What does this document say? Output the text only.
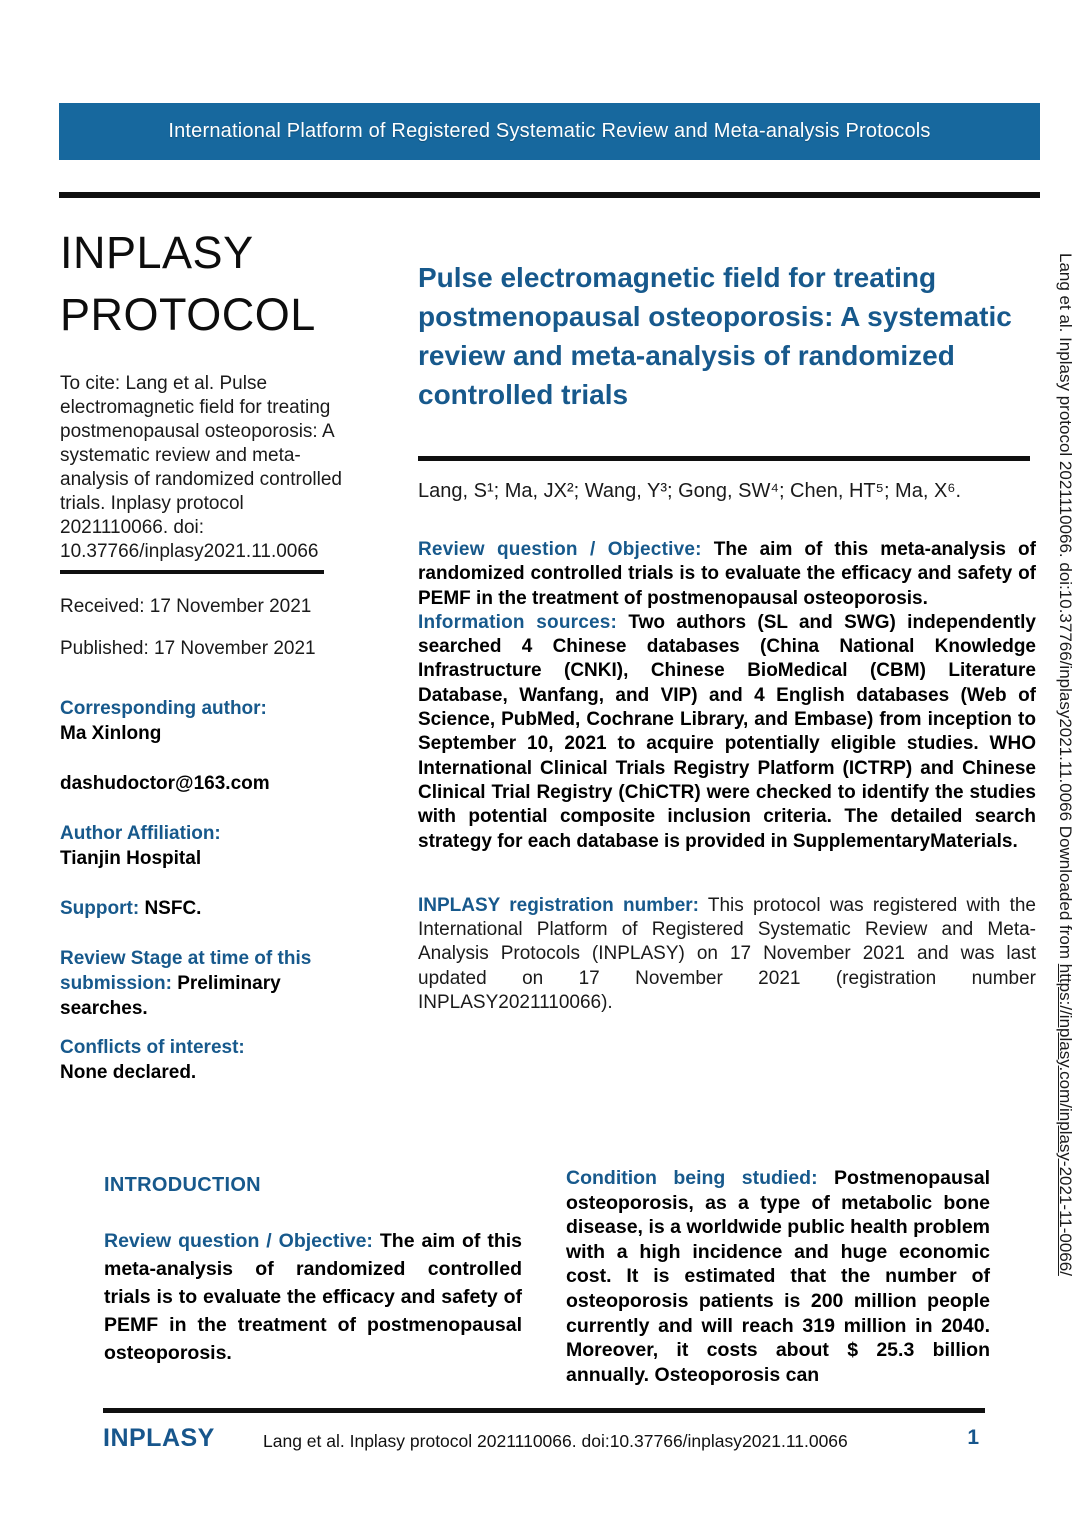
International Platform of Registered Systematic Review and Meta-analysis Protocols
INPLASY
PROTOCOL

To cite: Lang et al. Pulse electromagnetic field for treating postmenopausal osteoporosis: A systematic review and meta-analysis of randomized controlled trials. Inplasy protocol 2021110066. doi: 10.37766/inplasy2021.11.0066

Received: 17 November 2021

Published: 17 November 2021

Corresponding author:
Ma Xinlong
dashudoctor@163.com
Author Affiliation:
Tianjin Hospital
Support: NSFC.
Review Stage at time of this submission: Preliminary searches.
Conflicts of interest:
None declared.
Pulse electromagnetic field for treating postmenopausal osteoporosis: A systematic review and meta-analysis of randomized controlled trials

Lang, S¹; Ma, JX²; Wang, Y³; Gong, SW⁴; Chen, HT⁵; Ma, X⁶.

Review question / Objective: The aim of this meta-analysis of randomized controlled trials is to evaluate the efficacy and safety of PEMF in the treatment of postmenopausal osteoporosis.
Information sources: Two authors (SL and SWG) independently searched 4 Chinese databases (China National Knowledge Infrastructure (CNKI), Chinese BioMedical (CBM) Literature Database, Wanfang, and VIP) and 4 English databases (Web of Science, PubMed, Cochrane Library, and Embase) from inception to September 10, 2021 to acquire potentially eligible studies. WHO International Clinical Trials Registry Platform (ICTRP) and Chinese Clinical Trial Registry (ChiCTR) were checked to identify the studies with potential composite inclusion criteria. The detailed search strategy for each database is provided in SupplementaryMaterials.

INPLASY registration number: This protocol was registered with the International Platform of Registered Systematic Review and Meta-Analysis Protocols (INPLASY) on 17 November 2021 and was last updated on 17 November 2021 (registration number INPLASY2021110066).

INTRODUCTION

Review question / Objective: The aim of this meta-analysis of randomized controlled trials is to evaluate the efficacy and safety of PEMF in the treatment of postmenopausal osteoporosis.

Condition being studied: Postmenopausal osteoporosis, as a type of metabolic bone disease, is a worldwide public health problem with a high incidence and huge economic cost. It is estimated that the number of osteoporosis patients is 200 million people currently and will reach 319 million in 2040. Moreover, it costs about $ 25.3 billion annually. Osteoporosis can

INPLASY	Lang et al. Inplasy protocol 2021110066. doi:10.37766/inplasy2021.11.0066	1
Lang et al. Inplasy protocol 2021110066. doi:10.37766/inplasy2021.11.0066 Downloaded from https://inplasy.com/inplasy-2021-11-0066/
